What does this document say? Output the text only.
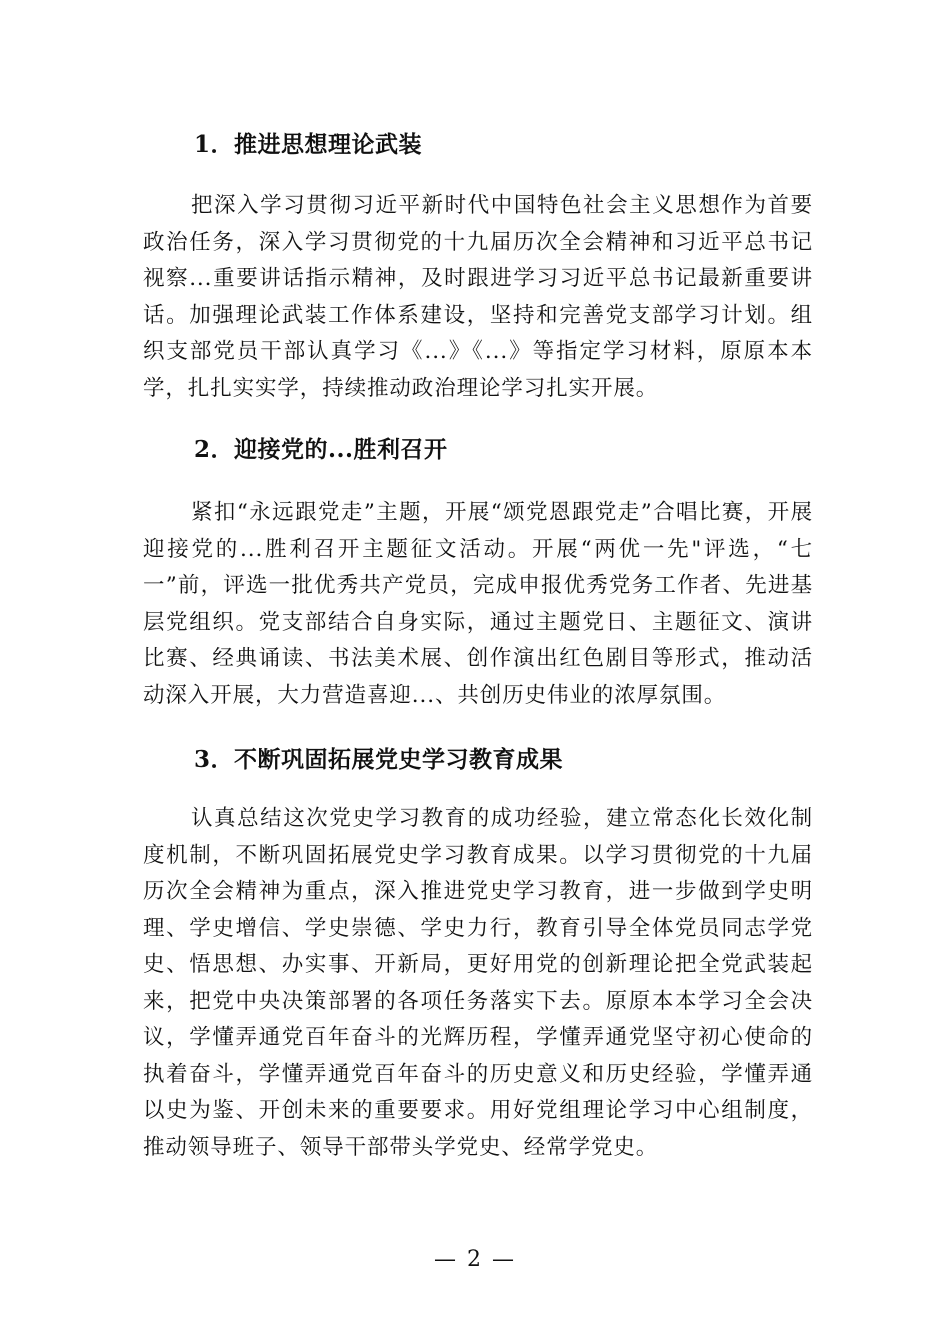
1．推进思想理论武装

把深入学习贯彻习近平新时代中国特色社会主义思想作为首要政治任务，深入学习贯彻党的十九届历次全会精神和习近平总书记视察...重要讲话指示精神，及时跟进学习习近平总书记最新重要讲话。加强理论武装工作体系建设，坚持和完善党支部学习计划。组织支部党员干部认真学习《...》《...》等指定学习材料，原原本本学，扎扎实实学，持续推动政治理论学习扎实开展。

2．迎接党的...胜利召开

紧扣“永远跟党走”主题，开展“颂党恩跟党走”合唱比赛，开展迎接党的...胜利召开主题征文活动。开展“两优一先"评选，“七一”前，评选一批优秀共产党员，完成申报优秀党务工作者、先进基层党组织。党支部结合自身实际，通过主题党日、主题征文、演讲比赛、经典诵读、书法美术展、创作演出红色剧目等形式，推动活动深入开展，大力营造喜迎...、共创历史伟业的浓厚氛围。

3．不断巩固拓展党史学习教育成果

认真总结这次党史学习教育的成功经验，建立常态化长效化制度机制，不断巩固拓展党史学习教育成果。以学习贯彻党的十九届历次全会精神为重点，深入推进党史学习教育，进一步做到学史明理、学史增信、学史崇德、学史力行，教育引导全体党员同志学党史、悟思想、办实事、开新局，更好用党的创新理论把全党武装起来，把党中央决策部署的各项任务落实下去。原原本本学习全会决议，学懂弄通党百年奋斗的光辉历程，学懂弄通党坚守初心使命的执着奋斗，学懂弄通党百年奋斗的历史意义和历史经验，学懂弄通以史为鉴、开创未来的重要要求。用好党组理论学习中心组制度，推动领导班子、领导干部带头学党史、经常学党史。

— 2 —
